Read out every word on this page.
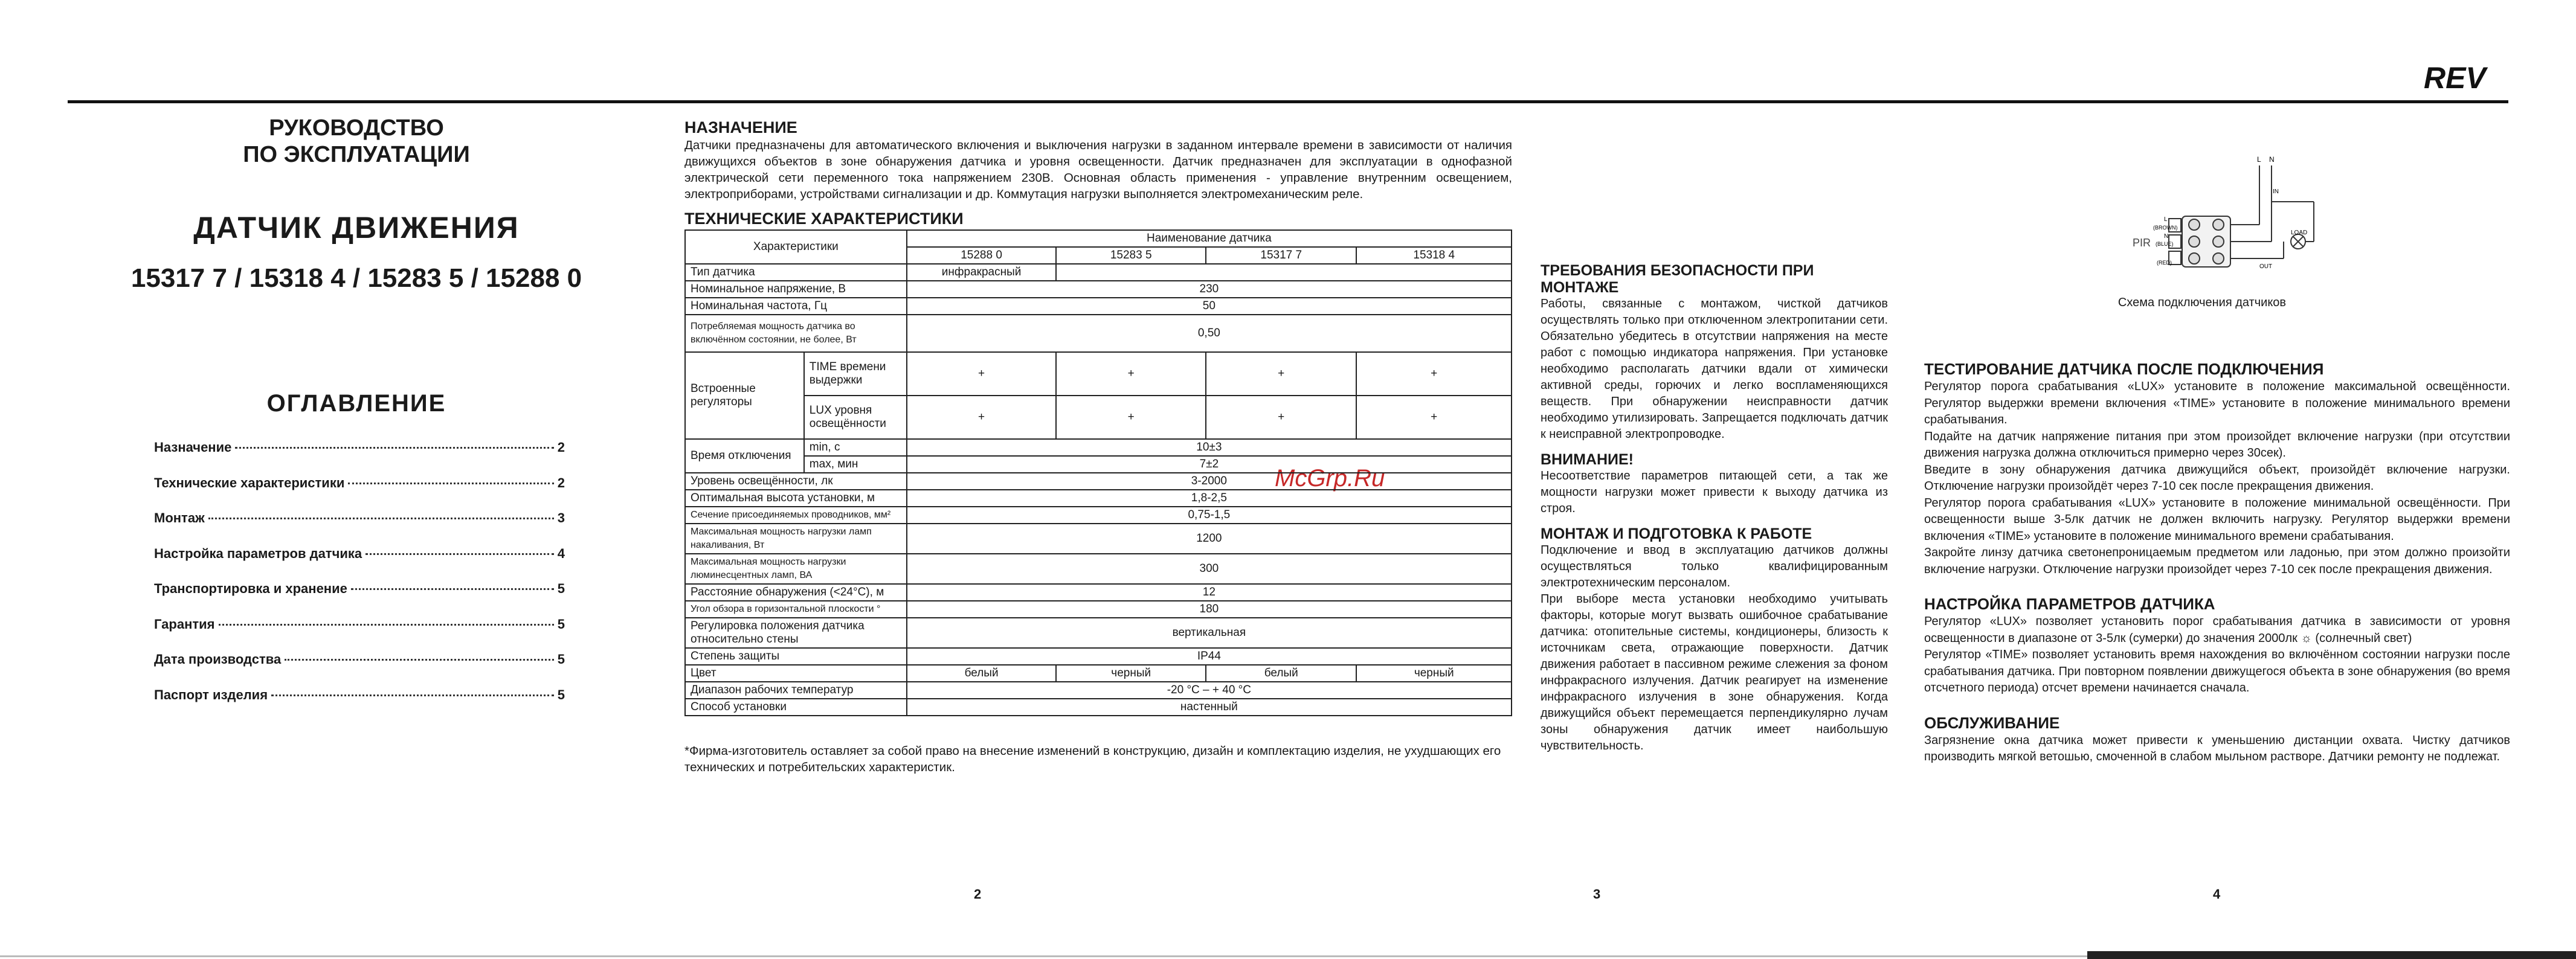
REV
McGrp.Ru
РУКОВОДСТВО
ПО ЭКСПЛУАТАЦИИ
ДАТЧИК ДВИЖЕНИЯ
15317 7 / 15318 4 / 15283 5 / 15288 0
ОГЛАВЛЕНИЕ
Назначение	2
Технические характеристики	2
Монтаж	3
Настройка параметров датчика	4
Транспортировка и хранение	5
Гарантия	5
Дата производства	5
Паспорт изделия	5
НАЗНАЧЕНИЕ
Датчики предназначены для автоматического включения и выключения нагрузки в заданном интервале времени в зависимости от наличия движущихся объектов в зоне обнаружения датчика и уровня освещенности. Датчик предназначен для эксплуатации в однофазной электрической сети переменного тока напряжением 230В. Основная область применения - управление внутренним освещением, электроприборами, устройствами сигнализации и др. Коммутация нагрузки выполняется электромеханическим реле.
ТЕХНИЧЕСКИЕ ХАРАКТЕРИСТИКИ
Характеристики		Наименование датчика			
		15288 0	15283 5	15317 7	15318 4
Тип датчика		инфракрасный			
Номинальное напряжение, В		230			
Номинальная частота, Гц		50			
Потребляемая мощность датчика во включённом состоянии, не более, Вт		0,50			
Встроенные регуляторы	TIME времени выдержки	+	+	+	+
	LUX уровня освещённости	+	+	+	+
Время отключения	min, с	10±3			
	max, мин	7±2			
Уровень освещённости, лк		3-2000			
Оптимальная высота установки, м		1,8-2,5			
Сечение присоединяемых проводников, мм²		0,75-1,5			
Максимальная мощность нагрузки ламп накаливания, Вт		1200			
Максимальная мощность нагрузки люминесцентных ламп, ВА		300			
Расстояние обнаружения (<24°C), м		12			
Угол обзора в горизонтальной плоскости °		180			
Регулировка положения датчика относительно стены		вертикальная			
Степень защиты		IP44			
Цвет		белый	черный	белый	черный
Диапазон рабочих температур		-20 °C – + 40 °C			
Способ установки		настенный			
*Фирма-изготовитель оставляет за собой право на внесение изменений в конструкцию, дизайн и комплектацию изделия, не ухудшающих его технических и потребительских характеристик.
2
ТРЕБОВАНИЯ БЕЗОПАСНОСТИ ПРИ МОНТАЖЕ
Работы, связанные с монтажом, чисткой датчиков осуществлять только при отключенном электропитании сети. Обязательно убедитесь в отсутствии напряжения на месте работ с помощью индикатора напряжения. При установке необходимо располагать датчики вдали от химически активной среды, горючих и легко воспламеняющихся веществ. При обнаружении неисправности датчик необходимо утилизировать. Запрещается подключать датчик к неисправной электропроводке.
ВНИМАНИЕ!
Несоответствие параметров питающей сети, а так же мощности нагрузки может привести к выходу датчика из строя.
МОНТАЖ И ПОДГОТОВКА К РАБОТЕ
Подключение и ввод в эксплуатацию датчиков должны осуществляться только квалифицированным электротехническим персоналом.
При выборе места установки необходимо учитывать факторы, которые могут вызвать ошибочное срабатывание датчика: отопительные системы, кондиционеры, близость к источникам света, отражающие поверхности. Датчик движения работает в пассивном режиме слежения за фоном инфракрасного излучения. Датчик реагирует на изменение инфракрасного излучения в зоне обнаружения. Когда движущийся объект перемещается перпендикулярно лучам зоны обнаружения датчик имеет наибольшую чувствительность.
3
L N
IN
LOAD
OUT
PIR
L
(BROWN)
N
(BLUE)
(RED)
Схема подключения датчиков
ТЕСТИРОВАНИЕ ДАТЧИКА ПОСЛЕ ПОДКЛЮЧЕНИЯ
Регулятор порога срабатывания «LUX» установите в положение максимальной освещённости. Регулятор выдержки времени включения «TIME» установите в положение минимального времени срабатывания.
Подайте на датчик напряжение питания при этом произойдет включение нагрузки (при отсутствии движения нагрузка должна отключиться примерно через 30сек).
Введите в зону обнаружения датчика движущийся объект, произойдёт включение нагрузки. Отключение нагрузки произойдёт через 7-10 сек после прекращения движения.
Регулятор порога срабатывания «LUX» установите в положение минимальной освещённости. При освещенности выше 3-5лк датчик не должен включить нагрузку. Регулятор выдержки времени включения «TIME» установите в положение минимального времени срабатывания.
Закройте линзу датчика светонепроницаемым предметом или ладонью, при этом должно произойти включение нагрузки. Отключение нагрузки произойдет через 7-10 сек после прекращения движения.
НАСТРОЙКА ПАРАМЕТРОВ ДАТЧИКА
Регулятор «LUX» позволяет установить порог срабатывания датчика в зависимости от уровня освещенности в диапазоне от 3-5лк (сумерки) до значения 2000лк ☼ (солнечный свет)
Регулятор «TIME» позволяет установить время нахождения во включённом состоянии нагрузки после срабатывания датчика. При повторном появлении движущегося объекта в зоне обнаружения (во время отсчетного периода) отсчет времени начинается сначала.
ОБСЛУЖИВАНИЕ
Загрязнение окна датчика может привести к уменьшению дистанции охвата. Чистку датчиков производить мягкой ветошью, смоченной в слабом мыльном растворе. Датчики ремонту не подлежат.
4
